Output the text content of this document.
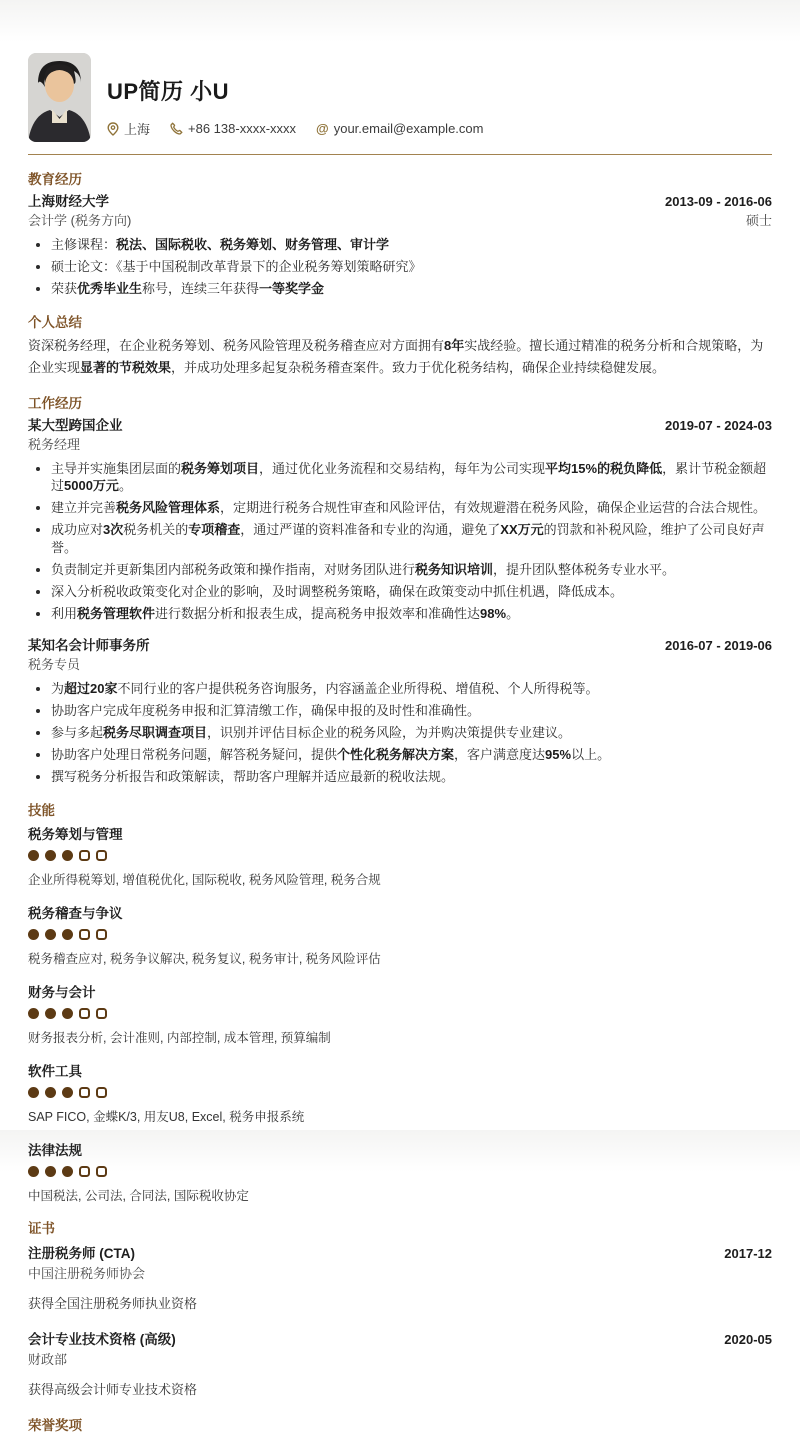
UP简历 小U
上海	+86 138-xxxx-xxxx @ your.email@example.com
教育经历
上海财经大学	2013-09 - 2016-06
会计学 (税务方向)	硕士
• 主修课程：税法、国际税收、税务筹划、财务管理、审计学
• 硕士论文：《基于中国税制改革背景下的企业税务筹划策略研究》
• 荣获优秀毕业生称号，连续三年获得一等奖学金
个人总结

资深税务经理，在企业税务筹划、税务风险管理及税务稽查应对方面拥有8年实战经验。擅长通过精准的税务分析和合规策略，为企业实现显著的节税效果，并成功处理多起复杂税务稽查案件。致力于优化税务结构，确保企业持续稳健发展。

工作经历
某大型跨国企业	2019-07 - 2024-03
税务经理
• 主导并实施集团层面的税务筹划项目，通过优化业务流程和交易结构，每年为公司实现平均15%的税负降低，累计节税金额超过5000万元。
• 建立并完善税务风险管理体系，定期进行税务合规性审查和风险评估，有效规避潜在税务风险，确保企业运营的合法合规性。
• 成功应对3次税务机关的专项稽查，通过严谨的资料准备和专业的沟通，避免了XX万元的罚款和补税风险，维护了公司良好声誉。
• 负责制定并更新集团内部税务政策和操作指南，对财务团队进行税务知识培训，提升团队整体税务专业水平。
• 深入分析税收政策变化对企业的影响，及时调整税务策略，确保在政策变动中抓住机遇，降低成本。
• 利用税务管理软件进行数据分析和报表生成，提高税务申报效率和准确性达98%。
某知名会计师事务所	2016-07 - 2019-06
税务专员
• 为超过20家不同行业的客户提供税务咨询服务，内容涵盖企业所得税、增值税、个人所得税等。
• 协助客户完成年度税务申报和汇算清缴工作，确保申报的及时性和准确性。
• 参与多起税务尽职调查项目，识别并评估目标企业的税务风险，为并购决策提供专业建议。
• 协助客户处理日常税务问题，解答税务疑问，提供个性化税务解决方案，客户满意度达95%以上。
• 撰写税务分析报告和政策解读，帮助客户理解并适应最新的税收法规。
技能
税务筹划与管理
企业所得税筹划, 增值税优化, 国际税收, 税务风险管理, 税务合规
税务稽查与争议
税务稽查应对, 税务争议解决, 税务复议, 税务审计, 税务风险评估
财务与会计
财务报表分析, 会计准则, 内部控制, 成本管理, 预算编制
软件工具
SAP FICO, 金蝶K/3, 用友U8, Excel, 税务申报系统
法律法规
中国税法, 公司法, 合同法, 国际税收协定
证书
注册税务师 (CTA)	2017-12
中国注册税务师协会
获得全国注册税务师执业资格
会计专业技术资格 (高级)	2020-05
财政部
获得高级会计师专业技术资格
荣誉奖项
